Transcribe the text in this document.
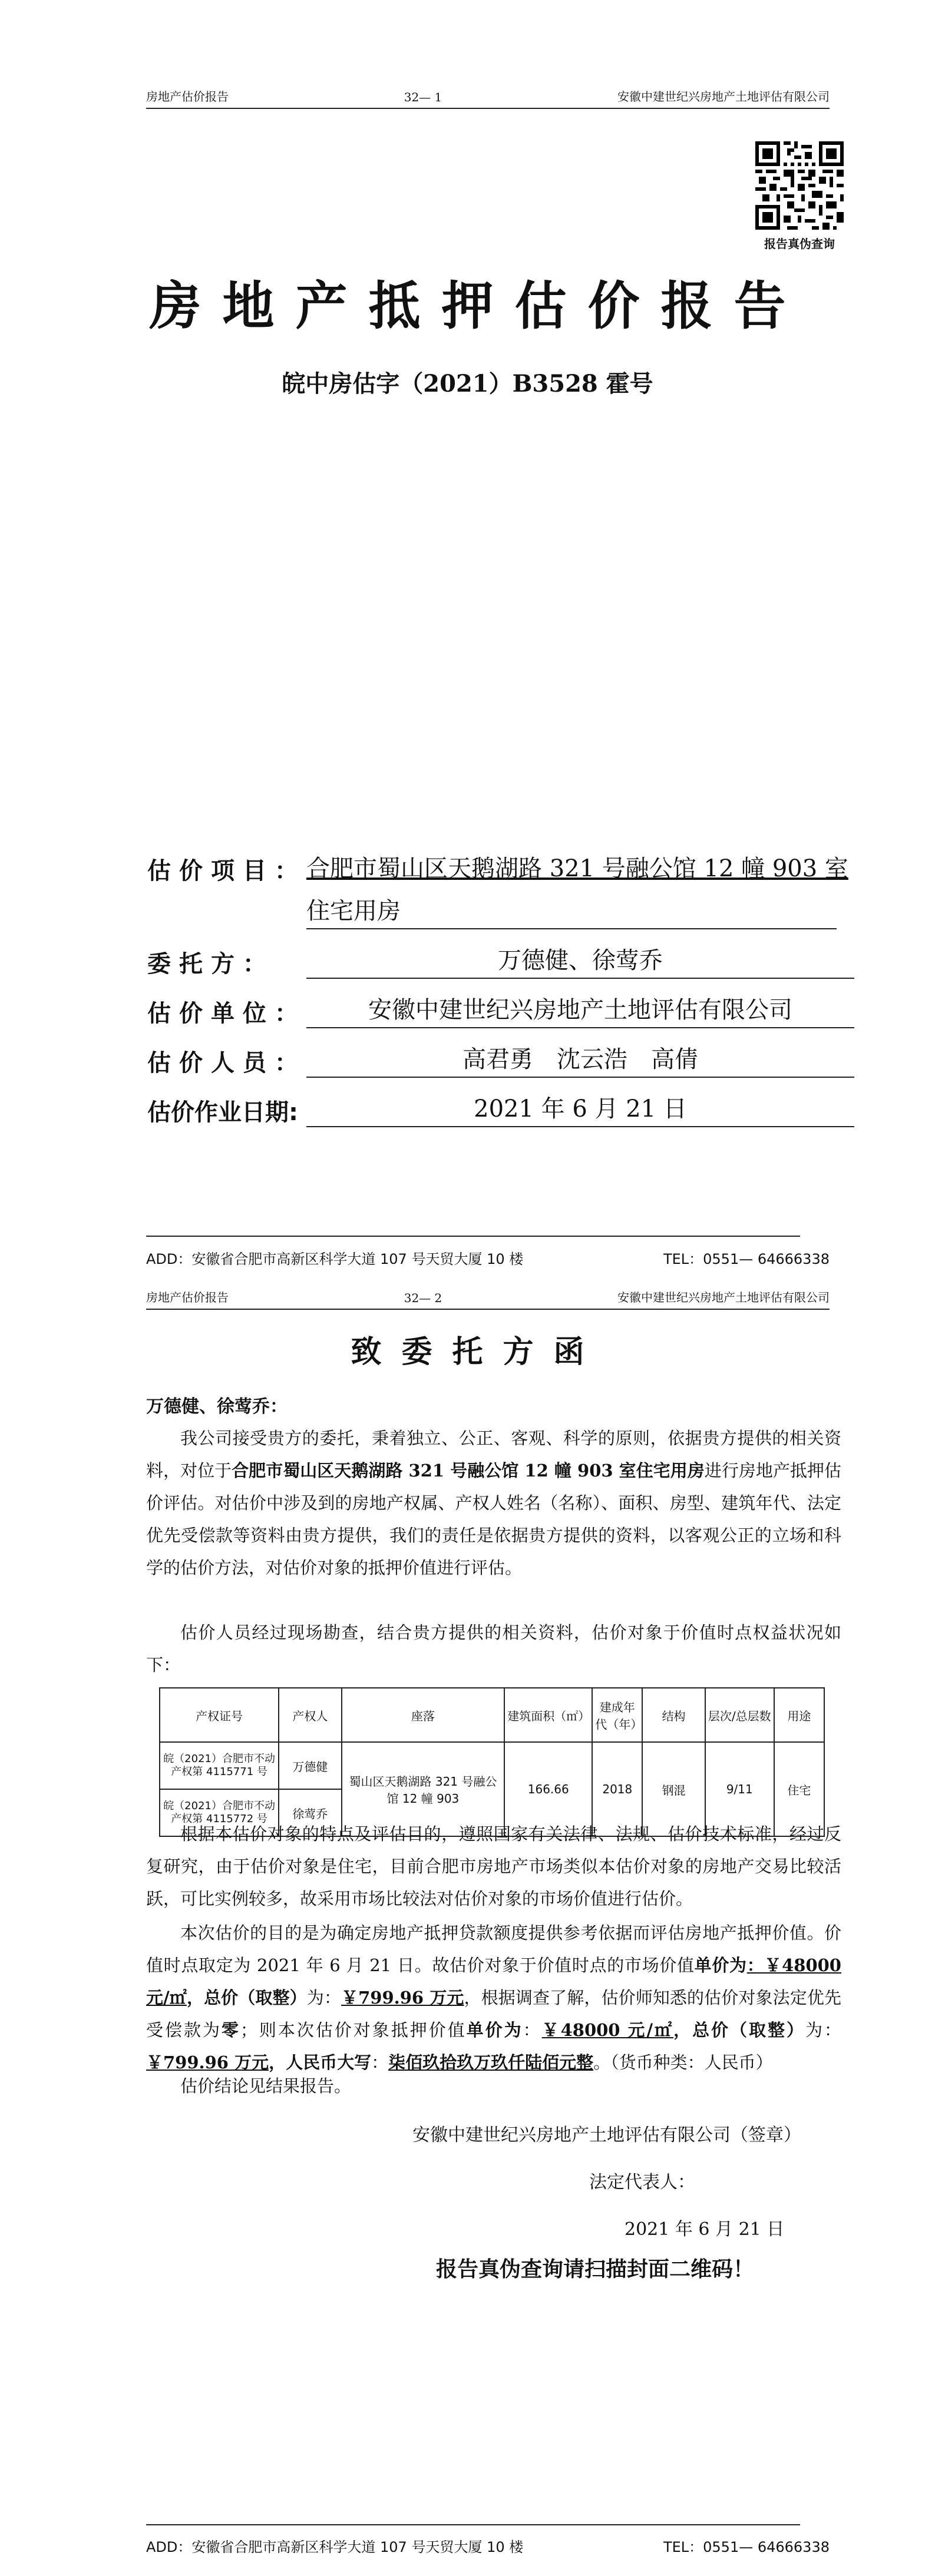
房地产估价报告	32— 1	安徽中建世纪兴房地产土地评估有限公司
报告真伪查询
房地产抵押估价报告
皖中房估字（2021）B3528 霍号
估价项目： 合肥市蜀山区天鹅湖路 321 号融公馆 12 幢 903 室
住宅用房
委托方：	万德健、徐莺乔
估价单位：	安徽中建世纪兴房地产土地评估有限公司
估价人员：	高君勇　沈云浩　高倩
估价作业日期:	2021 年 6 月 21 日
ADD：安徽省合肥市高新区科学大道 107 号天贸大厦 10 楼	TEL：0551— 64666338
房地产估价报告	32— 2	安徽中建世纪兴房地产土地评估有限公司
致委托方函
万德健、徐莺乔：

我公司接受贵方的委托，秉着独立、公正、客观、科学的原则，依据贵方提供的相关资料，对位于合肥市蜀山区天鹅湖路 321 号融公馆 12 幢 903 室住宅用房进行房地产抵押估价评估。对估价中涉及到的房地产权属、产权人姓名（名称）、面积、房型、建筑年代、法定优先受偿款等资料由贵方提供，我们的责任是依据贵方提供的资料，以客观公正的立场和科学的估价方法，对估价对象的抵押价值进行评估。

估价人员经过现场勘查，结合贵方提供的相关资料，估价对象于价值时点权益状况如下：

产权证号	产权人	座落	建筑面积（㎡）	建成年代（年）	结构	层次/总层数	用途
皖（2021）合肥市不动产权第 4115771 号	万德健	蜀山区天鹅湖路 321 号融公馆 12 幢 903	166.66	2018	钢混	9/11	住宅
皖（2021）合肥市不动产权第 4115772 号	徐莺乔						

根据本估价对象的特点及评估目的，遵照国家有关法律、法规、估价技术标准，经过反复研究，由于估价对象是住宅，目前合肥市房地产市场类似本估价对象的房地产交易比较活跃，可比实例较多，故采用市场比较法对估价对象的市场价值进行估价。

本次估价的目的是为确定房地产抵押贷款额度提供参考依据而评估房地产抵押价值。价值时点取定为 2021 年 6 月 21 日。故估价对象于价值时点的市场价值单价为：￥48000 元/㎡，总价（取整）为：￥799.96 万元，根据调查了解，估价师知悉的估价对象法定优先受偿款为零；则本次估价对象抵押价值单价为：￥48000 元/㎡，总价（取整）为：￥799.96 万元，人民币大写：柒佰玖拾玖万玖仟陆佰元整。（货币种类：人民币）

估价结论见结果报告。

安徽中建世纪兴房地产土地评估有限公司（签章）
法定代表人：
2021 年 6 月 21 日
报告真伪查询请扫描封面二维码！
ADD：安徽省合肥市高新区科学大道 107 号天贸大厦 10 楼	TEL：0551— 64666338
